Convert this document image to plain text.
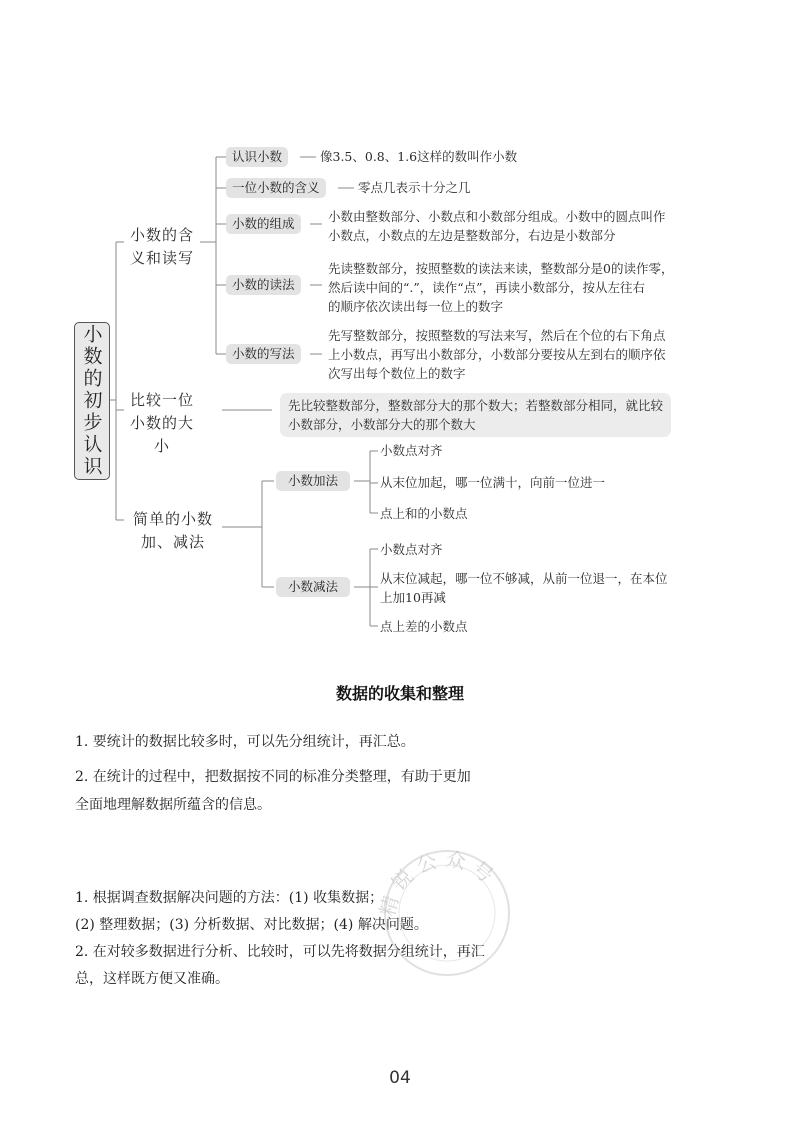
小数的初步认识
小数的含义和读写
比较一位小数的大小
简单的小数加、减法
认识小数	像3.5、0.8、1.6这样的数叫作小数
一位小数的含义	零点几表示十分之几
小数的组成	小数由整数部分、小数点和小数部分组成。小数中的圆点叫作
小数点，小数点的左边是整数部分，右边是小数部分
小数的读法
先读整数部分，按照整数的读法来读，整数部分是0的读作零，
然后读中间的“.”，读作“点”，再读小数部分，按从左往右
的顺序依次读出每一位上的数字
小数的写法
先写整数部分，按照整数的写法来写，然后在个位的右下角点
上小数点，再写出小数部分，小数部分要按从左到右的顺序依
次写出每个数位上的数字
先比较整数部分，整数部分大的那个数大；若整数部分相同，就比较
小数部分，小数部分大的那个数大
小数加法
小数点对齐
从末位加起，哪一位满十，向前一位进一
点上和的小数点
小数减法
小数点对齐
从末位减起，哪一位不够减，从前一位退一，在本位
上加10再减
点上差的小数点
数据的收集和整理
1. 要统计的数据比较多时，可以先分组统计，再汇总。
2. 在统计的过程中，把数据按不同的标准分类整理，有助于更加
全面地理解数据所蕴含的信息。
1. 根据调查数据解决问题的方法：(1) 收集数据；
(2) 整理数据；(3) 分析数据、对比数据；(4) 解决问题。
2. 在对较多数据进行分析、比较时，可以先将数据分组统计，再汇
总，这样既方便又准确。
精锐公众号
04
